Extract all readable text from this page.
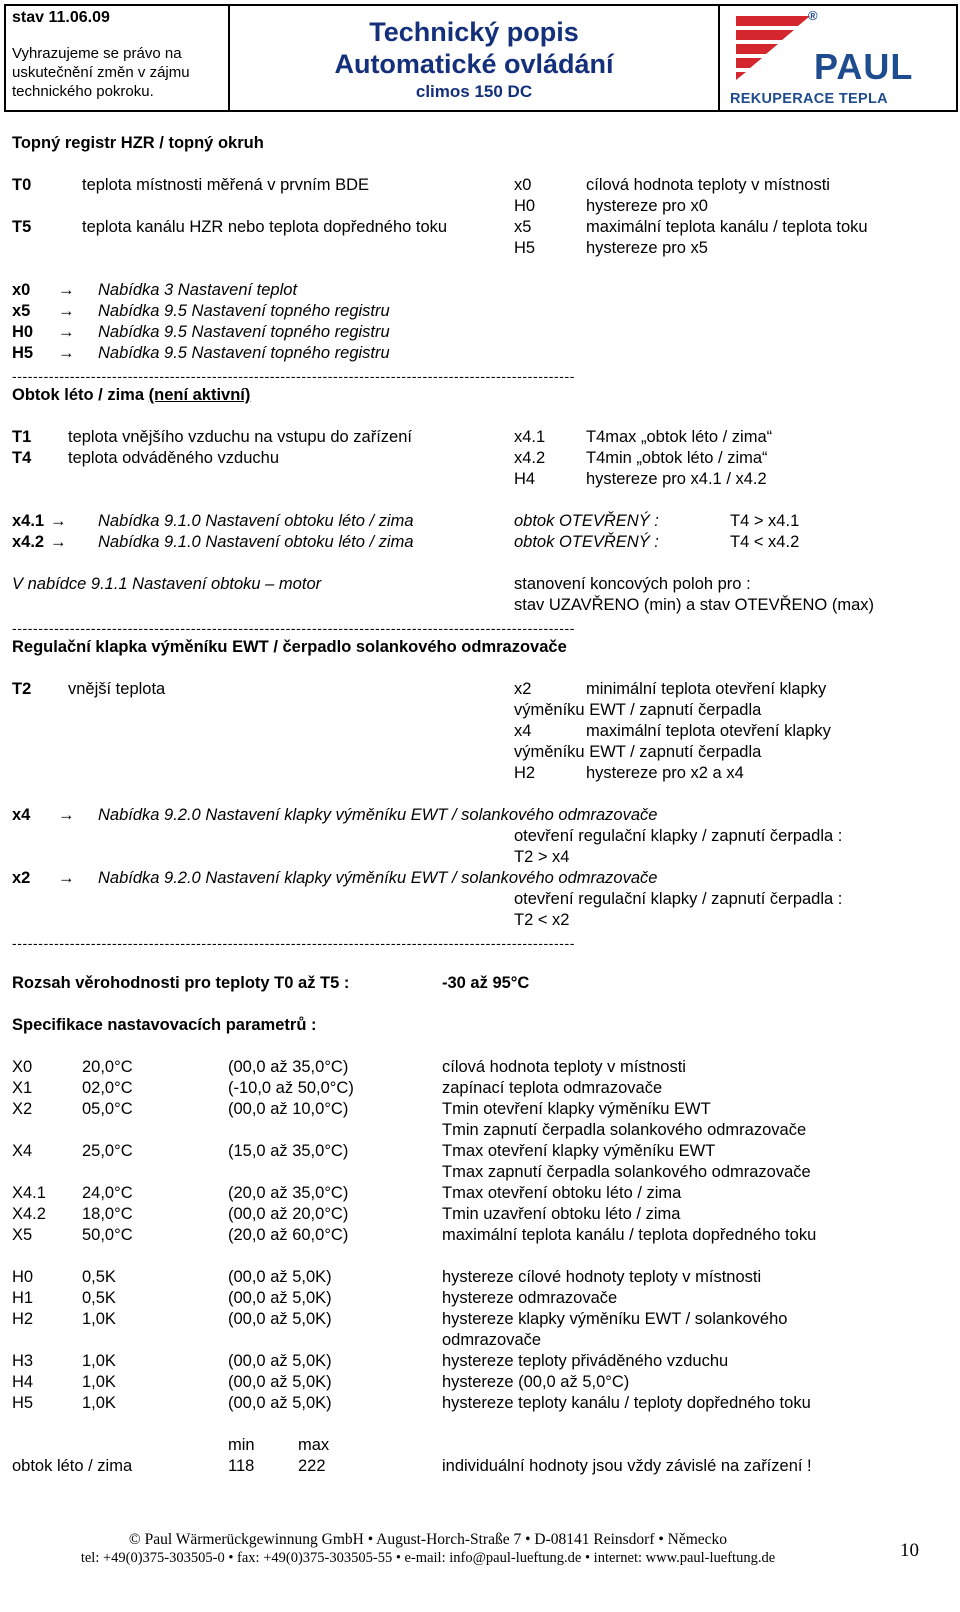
stav 11.06.09
Vyhrazujeme se právo na
uskutečnění změn v zájmu
technického pokroku.
Technický popis
Automatické ovládání
climos 150 DC
®
PAUL
REKUPERACE TEPLA
Topný registr HZR / topný okruh
T0	teplota místnosti měřená v prvním BDE	x0	cílová hodnota teploty v místnosti
H0	hystereze pro x0
T5	teplota kanálu HZR nebo teplota dopředného toku	x5	maximální teplota kanálu / teplota toku
H5	hystereze pro x5
x0 → Nabídka 3 Nastavení teplot
x5 → Nabídka 9.5 Nastavení topného registru
H0 → Nabídka 9.5 Nastavení topného registru
H5 → Nabídka 9.5 Nastavení topného registru
-----------------------------------------------------------------------------------------------------------
Obtok léto / zima (není aktivní)
T1 teplota vnějšího vzduchu na vstupu do zařízení	x4.1 T4max „obtok léto / zima“
T4 teplota odváděného vzduchu	x4.2 T4min „obtok léto / zima“
H4	hystereze pro x4.1 / x4.2
x4.1 → Nabídka 9.1.0 Nastavení obtoku léto / zima	obtok OTEVŘENÝ :	T4 > x4.1
x4.2 → Nabídka 9.1.0 Nastavení obtoku léto / zima	obtok OTEVŘENÝ :	T4 < x4.2
V nabídce 9.1.1 Nastavení obtoku – motor	stanovení koncových poloh pro :
stav UZAVŘENO (min) a stav OTEVŘENO (max)
-----------------------------------------------------------------------------------------------------------
Regulační klapka výměníku EWT / čerpadlo solankového odmrazovače
T2 vnější teplota	x2	minimální teplota otevření klapky
výměníku EWT / zapnutí čerpadla
x4	maximální teplota otevření klapky
výměníku EWT / zapnutí čerpadla
H2	hystereze pro x2 a x4
x4 → Nabídka 9.2.0 Nastavení klapky výměníku EWT / solankového odmrazovače
otevření regulační klapky / zapnutí čerpadla :
T2 > x4
x2 → Nabídka 9.2.0 Nastavení klapky výměníku EWT / solankového odmrazovače
otevření regulační klapky / zapnutí čerpadla :
T2 < x2
-----------------------------------------------------------------------------------------------------------
Rozsah věrohodnosti pro teploty T0 až T5 :	-30 až 95°C
Specifikace nastavovacích parametrů :
X0	20,0°C	(00,0 až 35,0°C)	cílová hodnota teploty v místnosti
X1	02,0°C	(-10,0 až 50,0°C)	zapínací teplota odmrazovače
X2	05,0°C	(00,0 až 10,0°C)	Tmin otevření klapky výměníku EWT
Tmin zapnutí čerpadla solankového odmrazovače
X4	25,0°C	(15,0 až 35,0°C)	Tmax otevření klapky výměníku EWT
Tmax zapnutí čerpadla solankového odmrazovače
X4.1 24,0°C	(20,0 až 35,0°C)	Tmax otevření obtoku léto / zima
X4.2 18,0°C	(00,0 až 20,0°C)	Tmin uzavření obtoku léto / zima
X5	50,0°C	(20,0 až 60,0°C)	maximální teplota kanálu / teplota dopředného toku
H0	0,5K	(00,0 až 5,0K)	hystereze cílové hodnoty teploty v místnosti
H1	0,5K	(00,0 až 5,0K)	hystereze odmrazovače
H2	1,0K	(00,0 až 5,0K)	hystereze klapky výměníku EWT / solankového
odmrazovače
H3	1,0K	(00,0 až 5,0K)	hystereze teploty přiváděného vzduchu
H4	1,0K	(00,0 až 5,0K)	hystereze (00,0 až 5,0°C)
H5	1,0K	(00,0 až 5,0K)	hystereze teploty kanálu / teploty dopředného toku
min	max
obtok léto / zima	118	222	individuální hodnoty jsou vždy závislé na zařízení !
© Paul Wärmerückgewinnung GmbH • August-Horch-Straße 7 • D-08141 Reinsdorf • Německo
tel: +49(0)375-303505-0 • fax: +49(0)375-303505-55 • e-mail: info@paul-lueftung.de • internet: www.paul-lueftung.de	10
